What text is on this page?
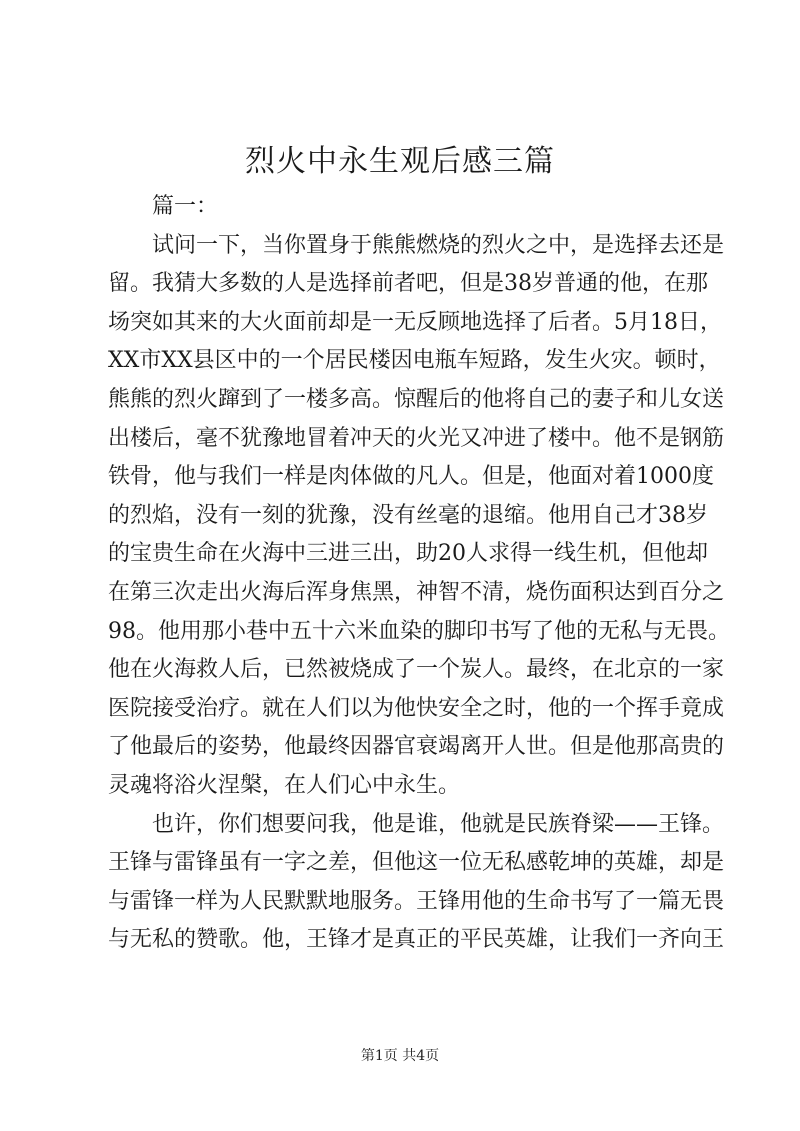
烈火中永生观后感三篇

篇一：

试问一下，当你置身于熊熊燃烧的烈火之中，是选择去还是
留。我猜大多数的人是选择前者吧，但是38岁普通的他，在那
场突如其来的大火面前却是一无反顾地选择了后者。5月18日，
XX市XX县区中的一个居民楼因电瓶车短路，发生火灾。顿时，
熊熊的烈火蹿到了一楼多高。惊醒后的他将自己的妻子和儿女送
出楼后，毫不犹豫地冒着冲天的火光又冲进了楼中。他不是钢筋
铁骨，他与我们一样是肉体做的凡人。但是，他面对着1000度
的烈焰，没有一刻的犹豫，没有丝毫的退缩。他用自己才38岁
的宝贵生命在火海中三进三出，助20人求得一线生机，但他却
在第三次走出火海后浑身焦黑，神智不清，烧伤面积达到百分之
98。他用那小巷中五十六米血染的脚印书写了他的无私与无畏。
他在火海救人后，已然被烧成了一个炭人。最终，在北京的一家
医院接受治疗。就在人们以为他快安全之时，他的一个挥手竟成
了他最后的姿势，他最终因器官衰竭离开人世。但是他那高贵的
灵魂将浴火涅槃，在人们心中永生。

也许，你们想要问我，他是谁，他就是民族脊梁——王锋。
王锋与雷锋虽有一字之差，但他这一位无私感乾坤的英雄，却是
与雷锋一样为人民默默地服务。王锋用他的生命书写了一篇无畏
与无私的赞歌。他，王锋才是真正的平民英雄，让我们一齐向王

第1页 共4页
